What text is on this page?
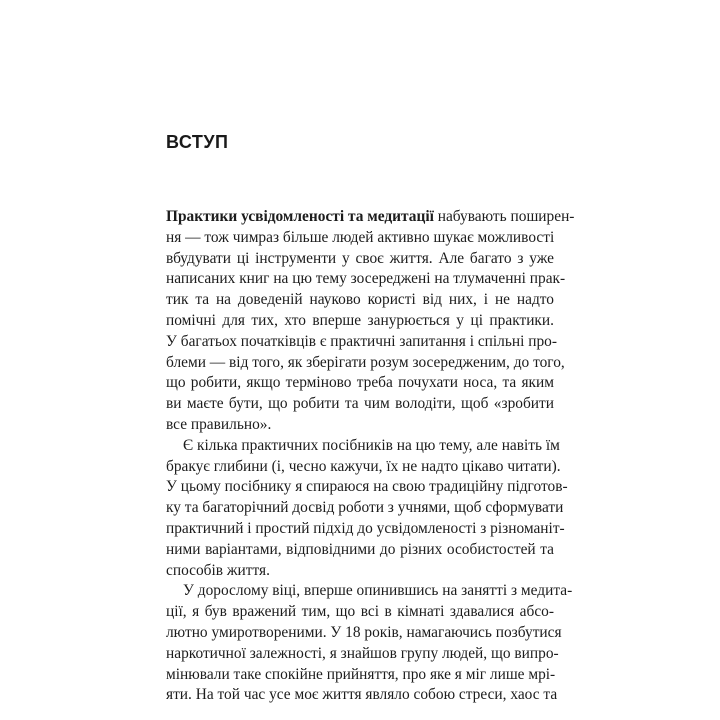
ВСТУП
Практики усвідомленості та медитації набувають поширен-
ня — тож чимраз більше людей активно шукає можливості
вбудувати ці інструменти у своє життя. Але багато з уже
написаних книг на цю тему зосереджені на тлумаченні прак-
тик та на доведеній науково користі від них, і не надто
помічні для тих, хто вперше занурюється у ці практики.
У багатьох початківців є практичні запитання і спільні про-
блеми — від того, як зберігати розум зосередженим, до того,
що робити, якщо терміново треба почухати носа, та яким
ви маєте бути, що робити та чим володіти, щоб «зробити
все правильно».
Є кілька практичних посібників на цю тему, але навіть їм
бракує глибини (і, чесно кажучи, їх не надто цікаво читати).
У цьому посібнику я спираюся на свою традиційну підготов-
ку та багаторічний досвід роботи з учнями, щоб сформувати
практичний і простий підхід до усвідомленості з різноманіт-
ними варіантами, відповідними до різних особистостей та
способів життя.
У дорослому віці, вперше опинившись на занятті з медита-
ції, я був вражений тим, що всі в кімнаті здавалися абсо-
лютно умиротвореними. У 18 років, намагаючись позбутися
наркотичної залежності, я знайшов групу людей, що випро-
мінювали таке спокійне прийняття, про яке я міг лише мрі-
яти. На той час усе моє життя являло собою стреси, хаос та
